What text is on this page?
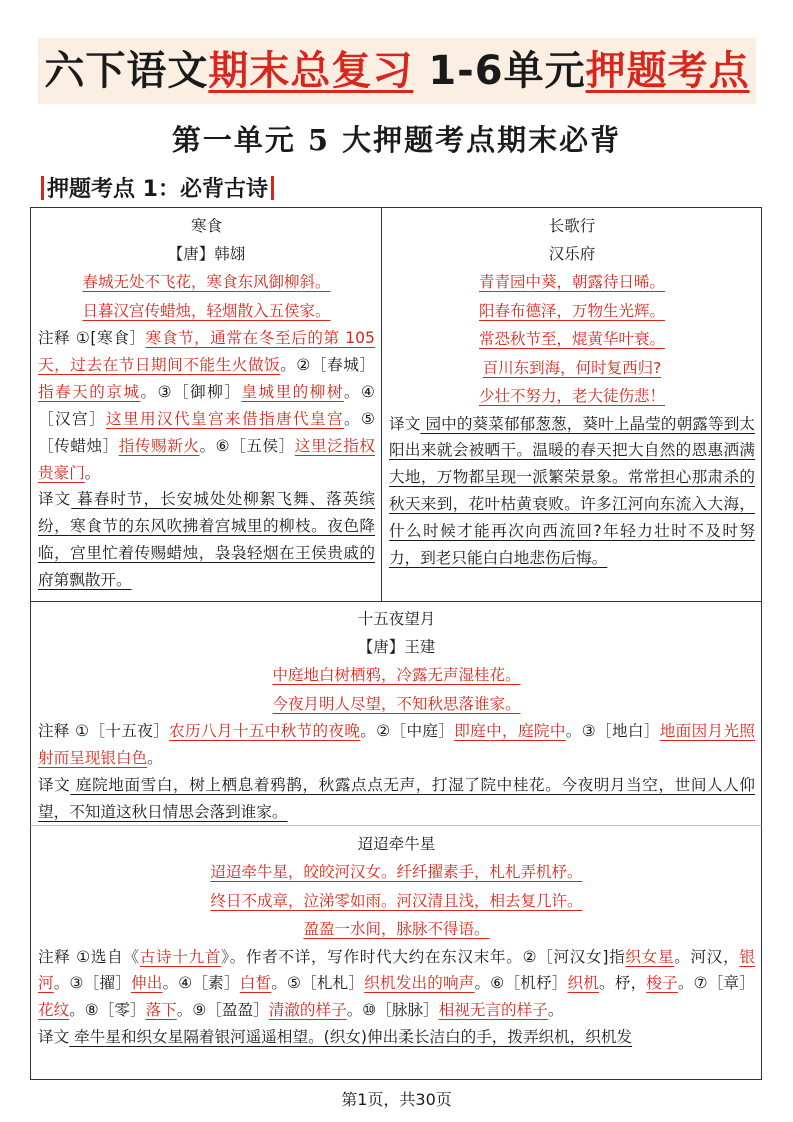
六下语文期末总复习 1-6单元押题考点
第一单元 5 大押题考点期末必背
押题考点 1：必背古诗
寒食
【唐】韩翃
春城无处不飞花，寒食东风御柳斜。
日暮汉宫传蜡烛，轻烟散入五侯家。

注释 ①[寒食］寒食节，通常在冬至后的第 105 天，过去在节日期间不能生火做饭。②［春城］指春天的京城。③［御柳］皇城里的柳树。④［汉宫］这里用汉代皇宫来借指唐代皇宫。⑤［传蜡烛］指传赐新火。⑥［五侯］这里泛指权贵豪门。

译文 暮春时节，长安城处处柳絮飞舞、落英缤纷，寒食节的东风吹拂着宫城里的柳枝。夜色降临，宫里忙着传赐蜡烛，袅袅轻烟在王侯贵戚的府第飘散开。

长歌行
汉乐府
青青园中葵，朝露待日晞。
阳春布德泽，万物生光辉。
常恐秋节至，焜黄华叶衰。
百川东到海，何时复西归?
少壮不努力，老大徒伤悲！

译文 园中的葵菜郁郁葱葱，葵叶上晶莹的朝露等到太阳出来就会被晒干。温暖的春天把大自然的恩惠洒满大地，万物都呈现一派繁荣景象。常常担心那肃杀的秋天来到，花叶枯黄衰败。许多江河向东流入大海，什么时候才能再次向西流回?年轻力壮时不及时努力，到老只能白白地悲伤后悔。

十五夜望月
【唐】王建
中庭地白树栖鸦，冷露无声湿桂花。
今夜月明人尽望，不知秋思落谁家。

注释 ①［十五夜］农历八月十五中秋节的夜晚。②［中庭］即庭中，庭院中。③［地白］地面因月光照射而呈现银白色。

译文 庭院地面雪白，树上栖息着鸦鹊，秋露点点无声，打湿了院中桂花。今夜明月当空，世间人人仰望，不知道这秋日情思会落到谁家。

迢迢牵牛星
迢迢牵牛星，皎皎河汉女。纤纤擢素手，札札弄机杼。
终日不成章，泣涕零如雨。河汉清且浅，相去复几许。
盈盈一水间，脉脉不得语。

注释 ①选自《古诗十九首》。作者不详，写作时代大约在东汉末年。②［河汉女]指织女星。河汉，银河。③［擢］伸出。④［素］白皙。⑤［札札］织机发出的响声。⑥［机杼］织机。杼，梭子。⑦［章］花纹。⑧［零］落下。⑨［盈盈］清澈的样子。⑩［脉脉］相视无言的样子。

译文 牵牛星和织女星隔着银河遥遥相望。(织女)伸出柔长洁白的手，拨弄织机，织机发

第1页，共30页
